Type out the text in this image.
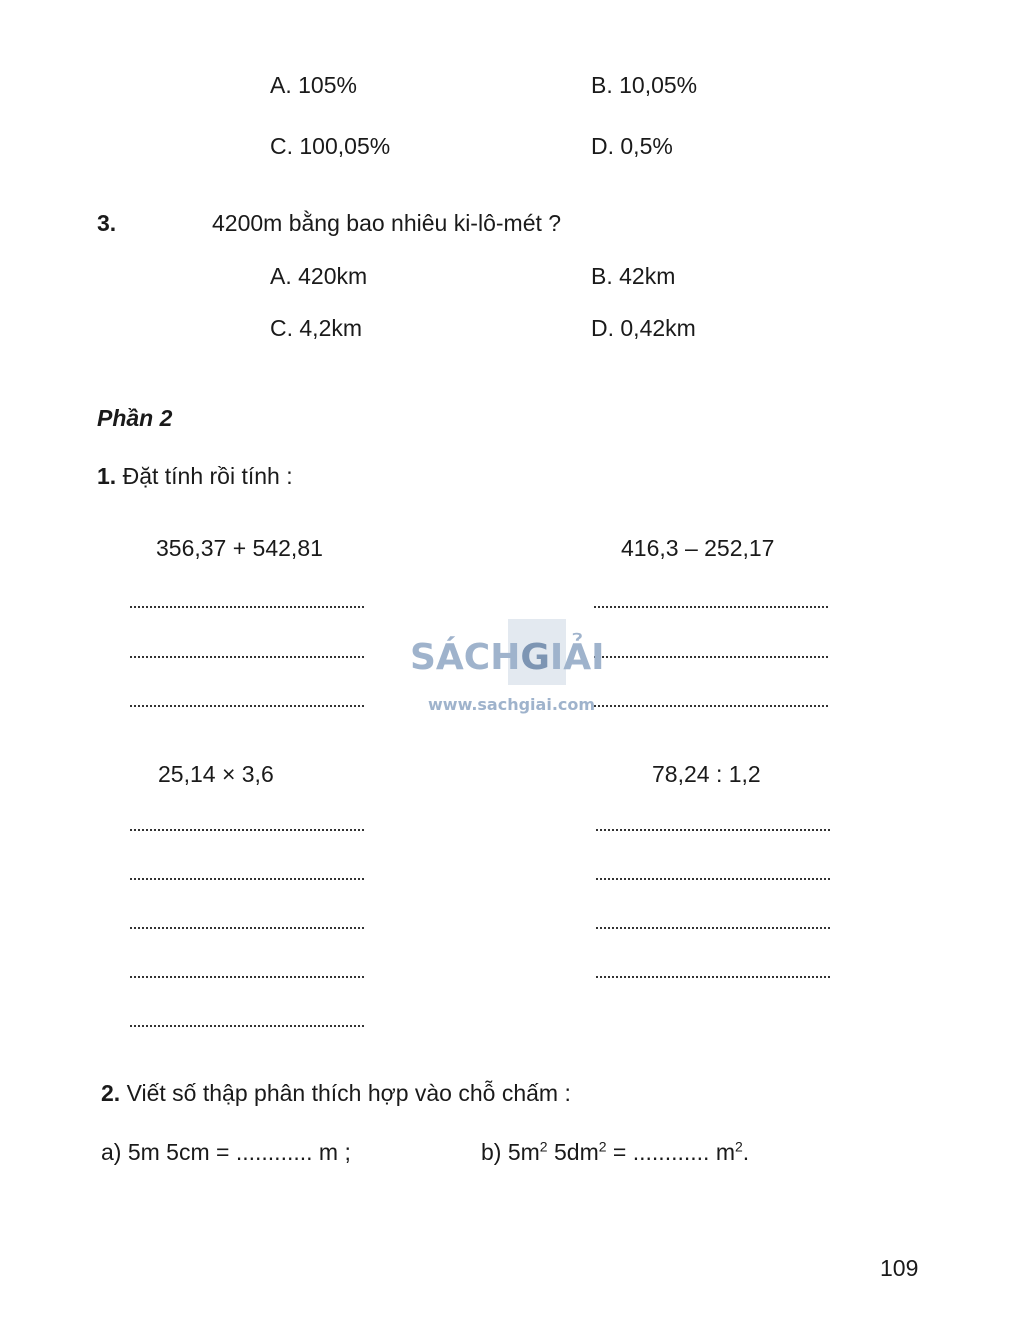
A. 105%	B. 10,05%
C. 100,05%	D. 0,5%
3.	4200m bằng bao nhiêu ki-lô-mét ?
A. 420km	B. 42km
C. 4,2km	D. 0,42km
Phần 2
1. Đặt tính rồi tính :
356,37 + 542,81	416,3 – 252,17
SÁCHGIẢI
www.sachgiai.com
25,14 × 3,6	78,24 : 1,2
2. Viết số thập phân thích hợp vào chỗ chấm :
a) 5m 5cm = ............ m ;	b) $5m^2$ $5dm^2$ = ............ $m^2$.
109
